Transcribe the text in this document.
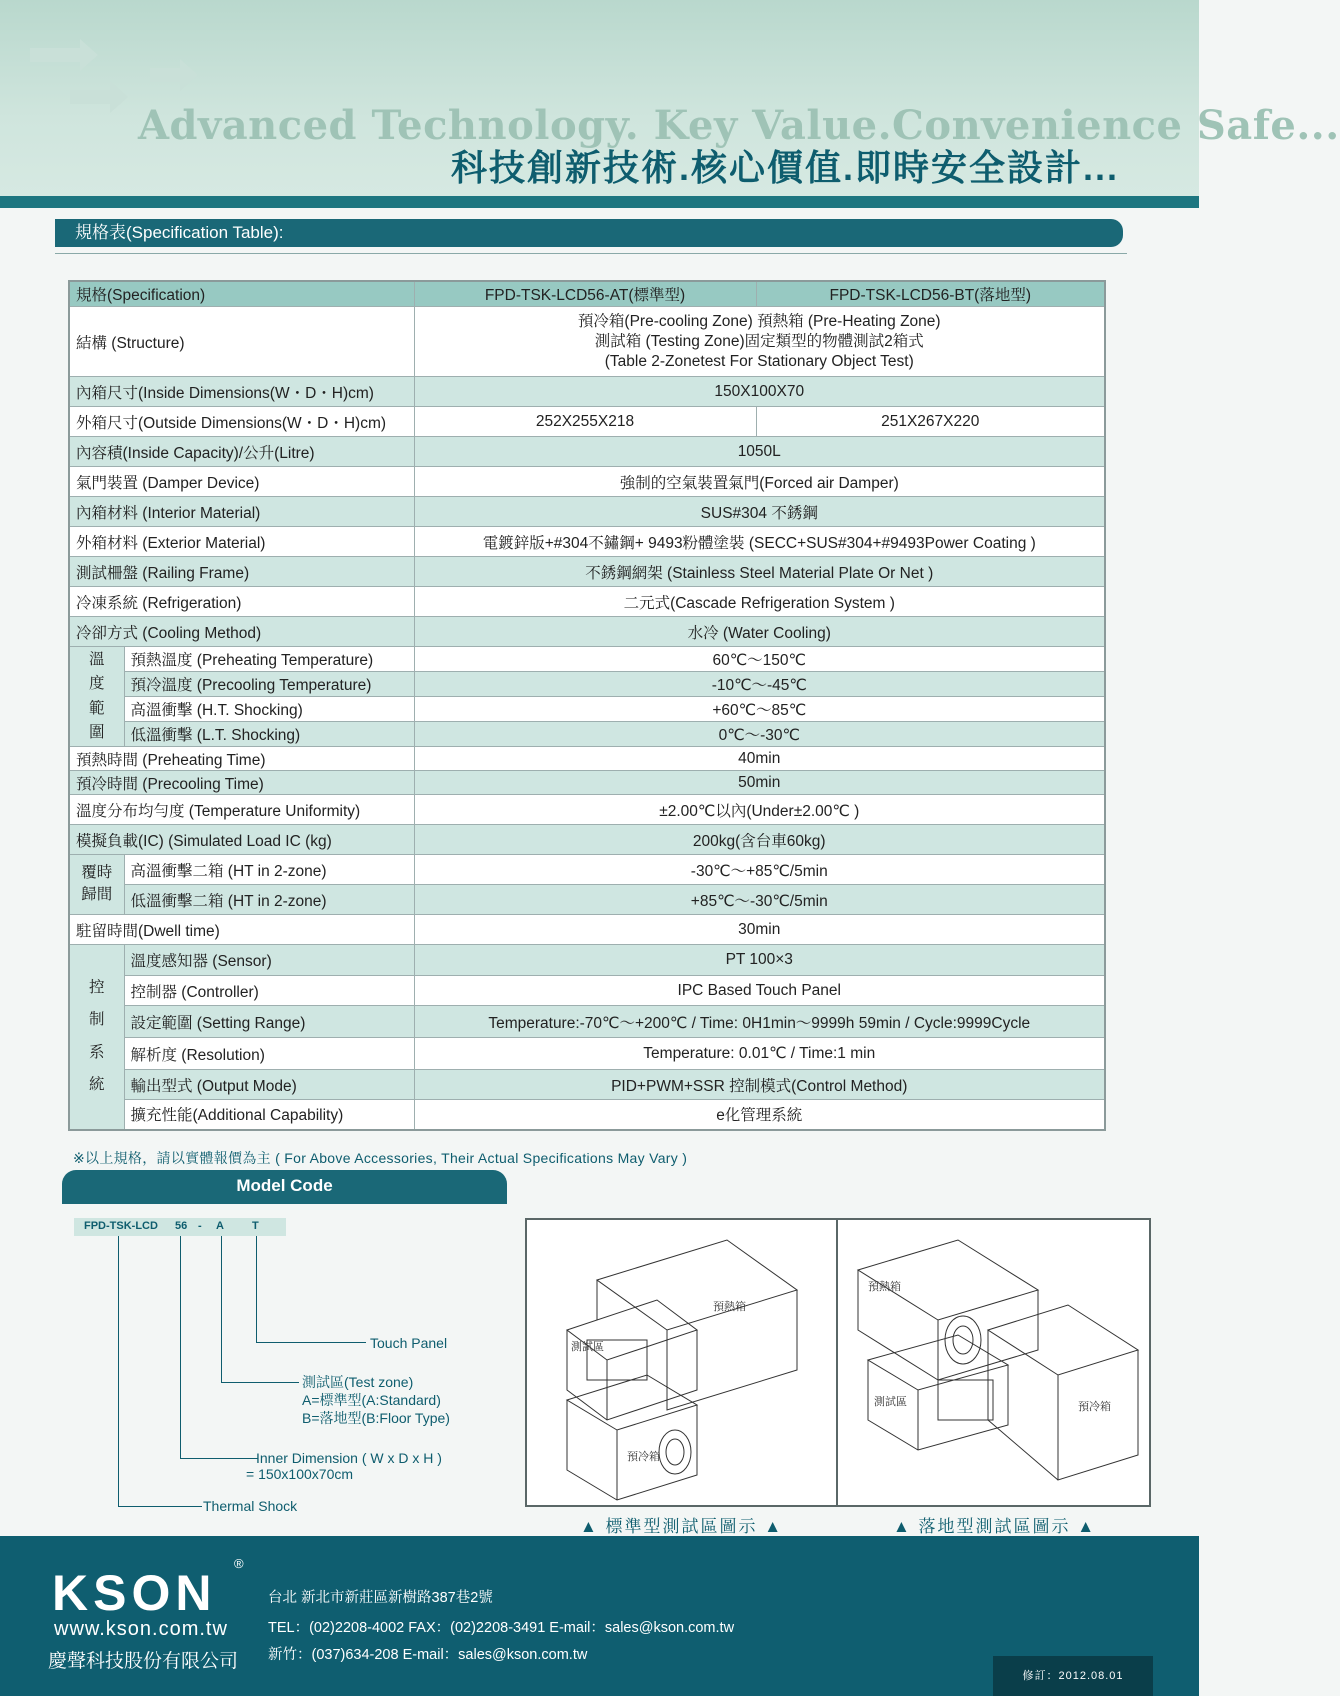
Advanced Technology. Key Value.Convenience Safe...
科技創新技術.核心價值.即時安全設計...
規格表(Specification Table):
規格(Specification)		FPD-TSK-LCD56-AT(標準型)	FPD-TSK-LCD56-BT(落地型)
結構 (Structure)		預冷箱(Pre-cooling Zone) 預熱箱 (Pre-Heating Zone)
測試箱 (Testing Zone)固定類型的物體測試2箱式
(Table 2-Zonetest For Stationary Object Test)	

內箱尺寸(Inside Dimensions(W・D・H)cm)		150X100X70	
外箱尺寸(Outside Dimensions(W・D・H)cm)		252X255X218	251X267X220
內容積(Inside Capacity)/公升(Litre)		1050L	
氣門裝置 (Damper Device)		強制的空氣裝置氣門(Forced air Damper)	
內箱材料 (Interior Material)		SUS#304 不銹鋼	
外箱材料 (Exterior Material)		電鍍鋅版+#304不鏽鋼+ 9493粉體塗裝 (SECC+SUS#304+#9493Power Coating )	
測試柵盤 (Railing Frame)		不銹鋼網架 (Stainless Steel Material Plate Or Net )	
冷凍系統 (Refrigeration)		二元式(Cascade Refrigeration System )	
冷卻方式 (Cooling Method)		水冷 (Water Cooling)	
溫度範圍	預熱溫度 (Preheating Temperature)	60℃～150℃	
	預冷溫度 (Precooling Temperature)	-10℃～-45℃	
	高溫衝擊 (H.T. Shocking)	+60℃～85℃	
	低溫衝擊 (L.T. Shocking)	0℃～-30℃	
預熱時間 (Preheating Time)		40min	
預冷時間 (Precooling Time)		50min	
溫度分布均勻度 (Temperature Uniformity)		±2.00℃以內(Under±2.00℃ )	
模擬負載(IC) (Simulated Load IC (kg)		200kg(含台車60kg)	
覆時歸間	高溫衝擊二箱 (HT in 2-zone)	-30℃～+85℃/5min	
	低溫衝擊二箱 (HT in 2-zone)	+85℃～-30℃/5min	
駐留時間(Dwell time)		30min	
控制系統	溫度感知器 (Sensor)	PT 100×3	
	控制器 (Controller)	IPC Based Touch Panel	
	設定範圍 (Setting Range)	Temperature:-70℃～+200℃ / Time: 0H1min～9999h 59min / Cycle:9999Cycle	
	解析度 (Resolution)	Temperature: 0.01℃ / Time:1 min	
	輸出型式 (Output Mode)	PID+PWM+SSR 控制模式(Control Method)	
	擴充性能(Additional Capability)	e化管理系統	
※以上規格，請以實體報價為主 ( For Above Accessories, Their Actual Specifications May Vary )
Model Code
FPD-TSK-LCD 56 - A	T
Touch Panel
測試區(Test zone)
A=標準型(A:Standard)
B=落地型(B:Floor Type)
Inner Dimension ( W x D x H )
= 150x100x70cm
Thermal Shock
預熱箱
測試區
預冷箱
預熱箱
測試區	預冷箱
▲ 標準型測試區圖示 ▲	▲ 落地型測試區圖示 ▲
KSON
®
www.kson.com.tw
慶聲科技股份有限公司
台北 新北市新莊區新樹路387巷2號
TEL：(02)2208-4002 FAX：(02)2208-3491 E-mail：sales@kson.com.tw
新竹：(037)634-208 E-mail：sales@kson.com.tw
修訂：2012.08.01
